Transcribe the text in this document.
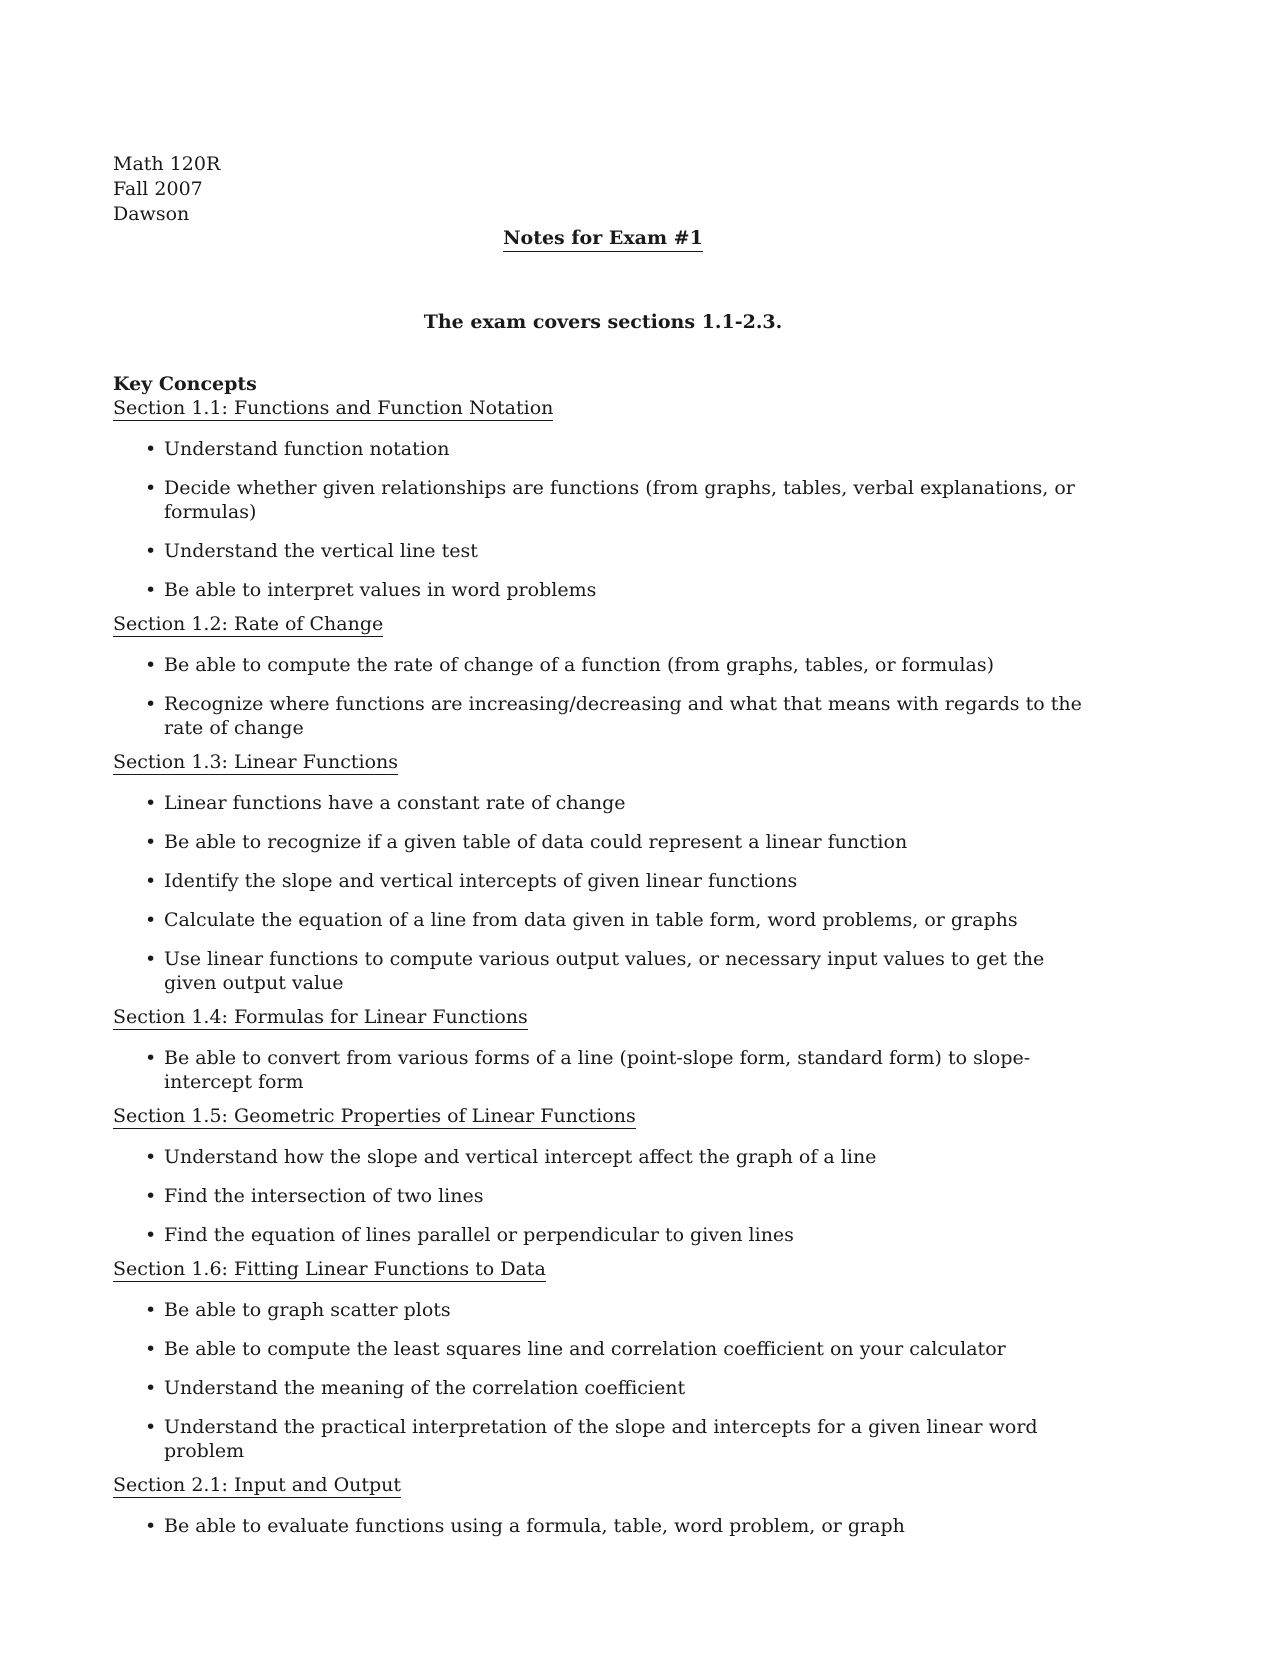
Math 120R
Fall 2007
Dawson
Notes for Exam #1
The exam covers sections 1.1-2.3.
Key Concepts
Section 1.1: Functions and Function Notation
• Understand function notation
• Decide whether given relationships are functions (from graphs, tables, verbal explanations, or formulas)
• Understand the vertical line test
• Be able to interpret values in word problems
Section 1.2: Rate of Change
• Be able to compute the rate of change of a function (from graphs, tables, or formulas)
• Recognize where functions are increasing/decreasing and what that means with regards to the rate of change
Section 1.3: Linear Functions
• Linear functions have a constant rate of change
• Be able to recognize if a given table of data could represent a linear function
• Identify the slope and vertical intercepts of given linear functions
• Calculate the equation of a line from data given in table form, word problems, or graphs
• Use linear functions to compute various output values, or necessary input values to get the given output value
Section 1.4: Formulas for Linear Functions
• Be able to convert from various forms of a line (point-slope form, standard form) to slope-intercept form
Section 1.5: Geometric Properties of Linear Functions
• Understand how the slope and vertical intercept affect the graph of a line
• Find the intersection of two lines
• Find the equation of lines parallel or perpendicular to given lines
Section 1.6: Fitting Linear Functions to Data
• Be able to graph scatter plots
• Be able to compute the least squares line and correlation coefficient on your calculator
• Understand the meaning of the correlation coefficient
• Understand the practical interpretation of the slope and intercepts for a given linear word problem
Section 2.1: Input and Output
• Be able to evaluate functions using a formula, table, word problem, or graph
